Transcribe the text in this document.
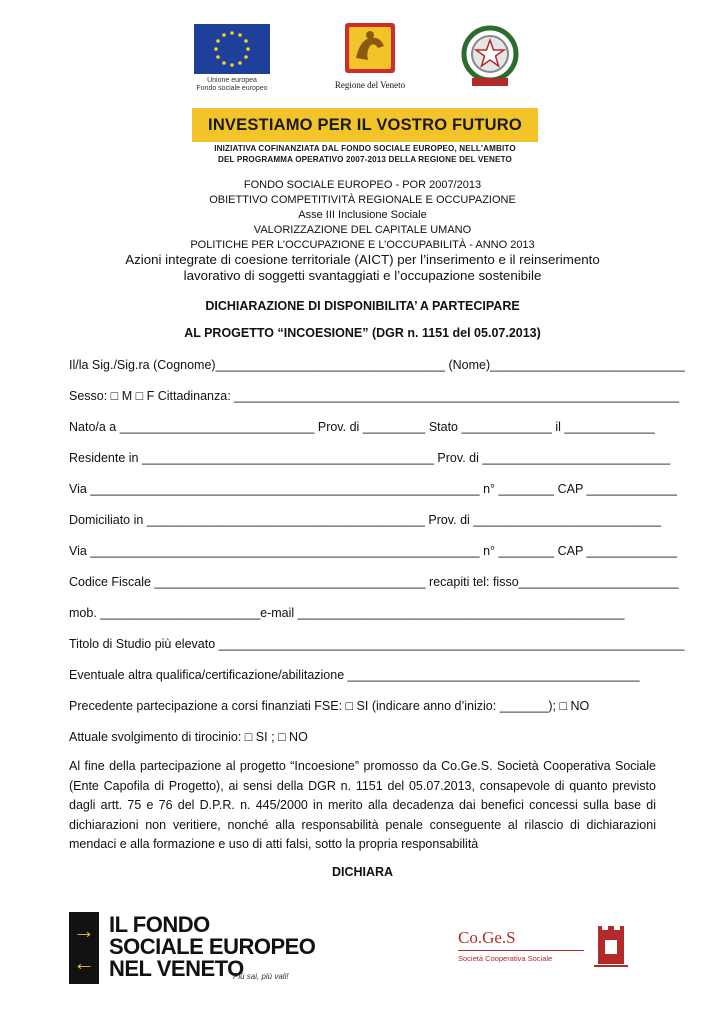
Unione europea
Fondo sociale europeo	Regione del Veneto
INVESTIAMO PER IL VOSTRO FUTURO
INIZIATIVA COFINANZIATA DAL FONDO SOCIALE EUROPEO, NELL'AMBITO
DEL PROGRAMMA OPERATIVO 2007-2013 DELLA REGIONE DEL VENETO
FONDO SOCIALE EUROPEO - POR 2007/2013
OBIETTIVO COMPETITIVITÀ REGIONALE E OCCUPAZIONE
Asse III Inclusione Sociale
VALORIZZAZIONE DEL CAPITALE UMANO
POLITICHE PER L’OCCUPAZIONE E L’OCCUPABILITÀ - ANNO 2013
Azioni integrate di coesione territoriale (AICT) per l’inserimento e il reinserimento
lavorativo di soggetti svantaggiati e l’occupazione sostenibile
DICHIARAZIONE DI DISPONIBILITA’ A PARTECIPARE
AL PROGETTO “INCOESIONE” (DGR n. 1151 del 05.07.2013)
Il/la Sig./Sig.ra (Cognome)_________________________________ (Nome)____________________________
Sesso: □ M □ F Cittadinanza: ________________________________________________________________
Nato/a a ____________________________ Prov. di _________ Stato _____________ il _____________
Residente in __________________________________________ Prov. di ___________________________
Via ________________________________________________________ n° ________ CAP _____________
Domiciliato in ________________________________________ Prov. di ___________________________
Via ________________________________________________________ n° ________ CAP _____________
Codice Fiscale _______________________________________ recapiti tel: fisso_______________________
mob. _______________________e-mail _______________________________________________
Titolo di Studio più elevato ___________________________________________________________________
Eventuale altra qualifica/certificazione/abilitazione __________________________________________
Precedente partecipazione a corsi finanziati FSE: □ SI (indicare anno d’inizio: _______); □ NO
Attuale svolgimento di tirocinio: □ SI ; □ NO
Al fine della partecipazione al progetto “Incoesione” promosso da Co.Ge.S. Società Cooperativa Sociale (Ente Capofila di Progetto), ai sensi della DGR n. 1151 del 05.07.2013, consapevole di quanto previsto dagli artt. 75 e 76 del D.P.R. n. 445/2000 in merito alla decadenza dai benefici concessi sulla base di dichiarazioni non veritiere, nonché alla responsabilità penale conseguente al rilascio di dichiarazioni mendaci e alla formazione e uso di atti falsi, sotto la propria responsabilità
DICHIARA
→
←
IL FONDO
SOCIALE EUROPEO
NEL VENETO
Più sai, più vali!
Co.Ge.S
Società Cooperativa Sociale
